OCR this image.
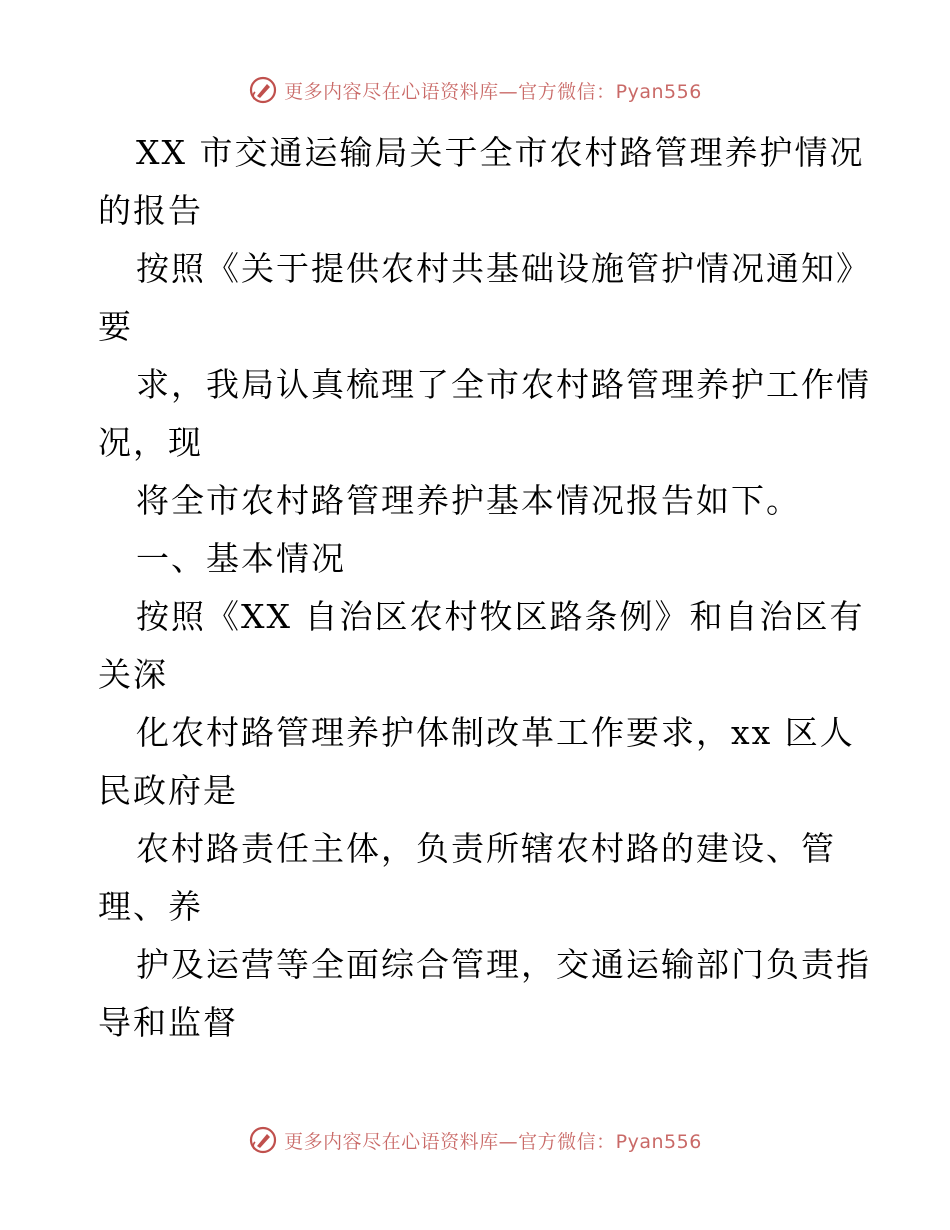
更多内容尽在心语资料库—官方微信：Pyan556
XX 市交通运输局关于全市农村路管理养护情况
的报告
按照《关于提供农村共基础设施管护情况通知》
要
求，我局认真梳理了全市农村路管理养护工作情
况，现
将全市农村路管理养护基本情况报告如下。
一、基本情况
按照《XX 自治区农村牧区路条例》和自治区有
关深
化农村路管理养护体制改革工作要求，xx 区人
民政府是
农村路责任主体，负责所辖农村路的建设、管
理、养
护及运营等全面综合管理，交通运输部门负责指
导和监督
更多内容尽在心语资料库—官方微信：Pyan556
